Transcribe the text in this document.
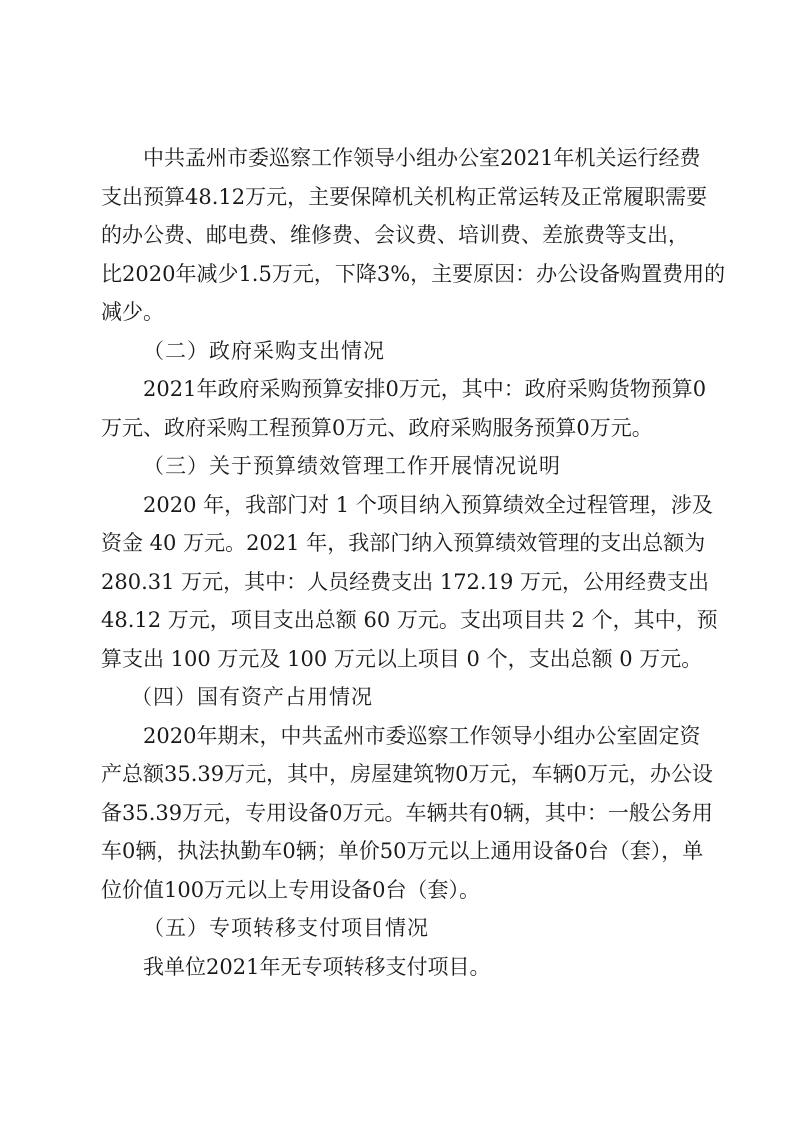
中共孟州市委巡察工作领导小组办公室2021年机关运行经费
支出预算48.12万元，主要保障机关机构正常运转及正常履职需要
的办公费、邮电费、维修费、会议费、培训费、差旅费等支出，
比2020年减少1.5万元，下降3%，主要原因：办公设备购置费用的
减少。
（二）政府采购支出情况
2021年政府采购预算安排0万元，其中：政府采购货物预算0
万元、政府采购工程预算0万元、政府采购服务预算0万元。
（三）关于预算绩效管理工作开展情况说明
2020 年，我部门对 1 个项目纳入预算绩效全过程管理，涉及
资金 40 万元。2021 年，我部门纳入预算绩效管理的支出总额为
280.31 万元，其中：人员经费支出 172.19 万元，公用经费支出
48.12 万元，项目支出总额 60 万元。支出项目共 2 个，其中，预
算支出 100 万元及 100 万元以上项目 0 个，支出总额 0 万元。
（四）国有资产占用情况
2020年期末，中共孟州市委巡察工作领导小组办公室固定资
产总额35.39万元，其中，房屋建筑物0万元，车辆0万元，办公设
备35.39万元，专用设备0万元。车辆共有0辆，其中：一般公务用
车0辆，执法执勤车0辆；单价50万元以上通用设备0台（套），单
位价值100万元以上专用设备0台（套）。
（五）专项转移支付项目情况
我单位2021年无专项转移支付项目。
